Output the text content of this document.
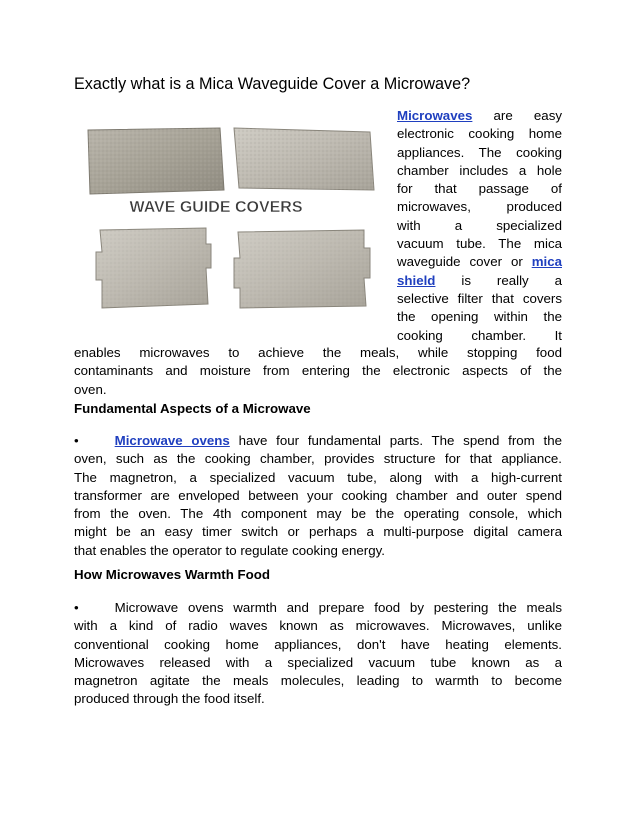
Exactly what is a Mica Waveguide Cover a Microwave?
WAVE GUIDE COVERS
Microwaves are easy
electronic cooking home
appliances. The cooking
chamber includes a hole
for that passage of
microwaves, produced
with a specialized
vacuum tube. The mica
waveguide cover or mica
shield is really a
selective filter that covers
the opening within the
cooking chamber. It
enables microwaves to achieve the meals, while stopping food
contaminants and moisture from entering the electronic aspects of the
oven.
Fundamental Aspects of a Microwave
•	Microwave ovens have four fundamental parts. The spend from the
oven, such as the cooking chamber, provides structure for that appliance.
The magnetron, a specialized vacuum tube, along with a high-current
transformer are enveloped between your cooking chamber and outer spend
from the oven. The 4th component may be the operating console, which
might be an easy timer switch or perhaps a multi-purpose digital camera
that enables the operator to regulate cooking energy.
How Microwaves Warmth Food
•	Microwave ovens warmth and prepare food by pestering the meals
with a kind of radio waves known as microwaves. Microwaves, unlike
conventional cooking home appliances, don't have heating elements.
Microwaves released with a specialized vacuum tube known as a
magnetron agitate the meals molecules, leading to warmth to become
produced through the food itself.
